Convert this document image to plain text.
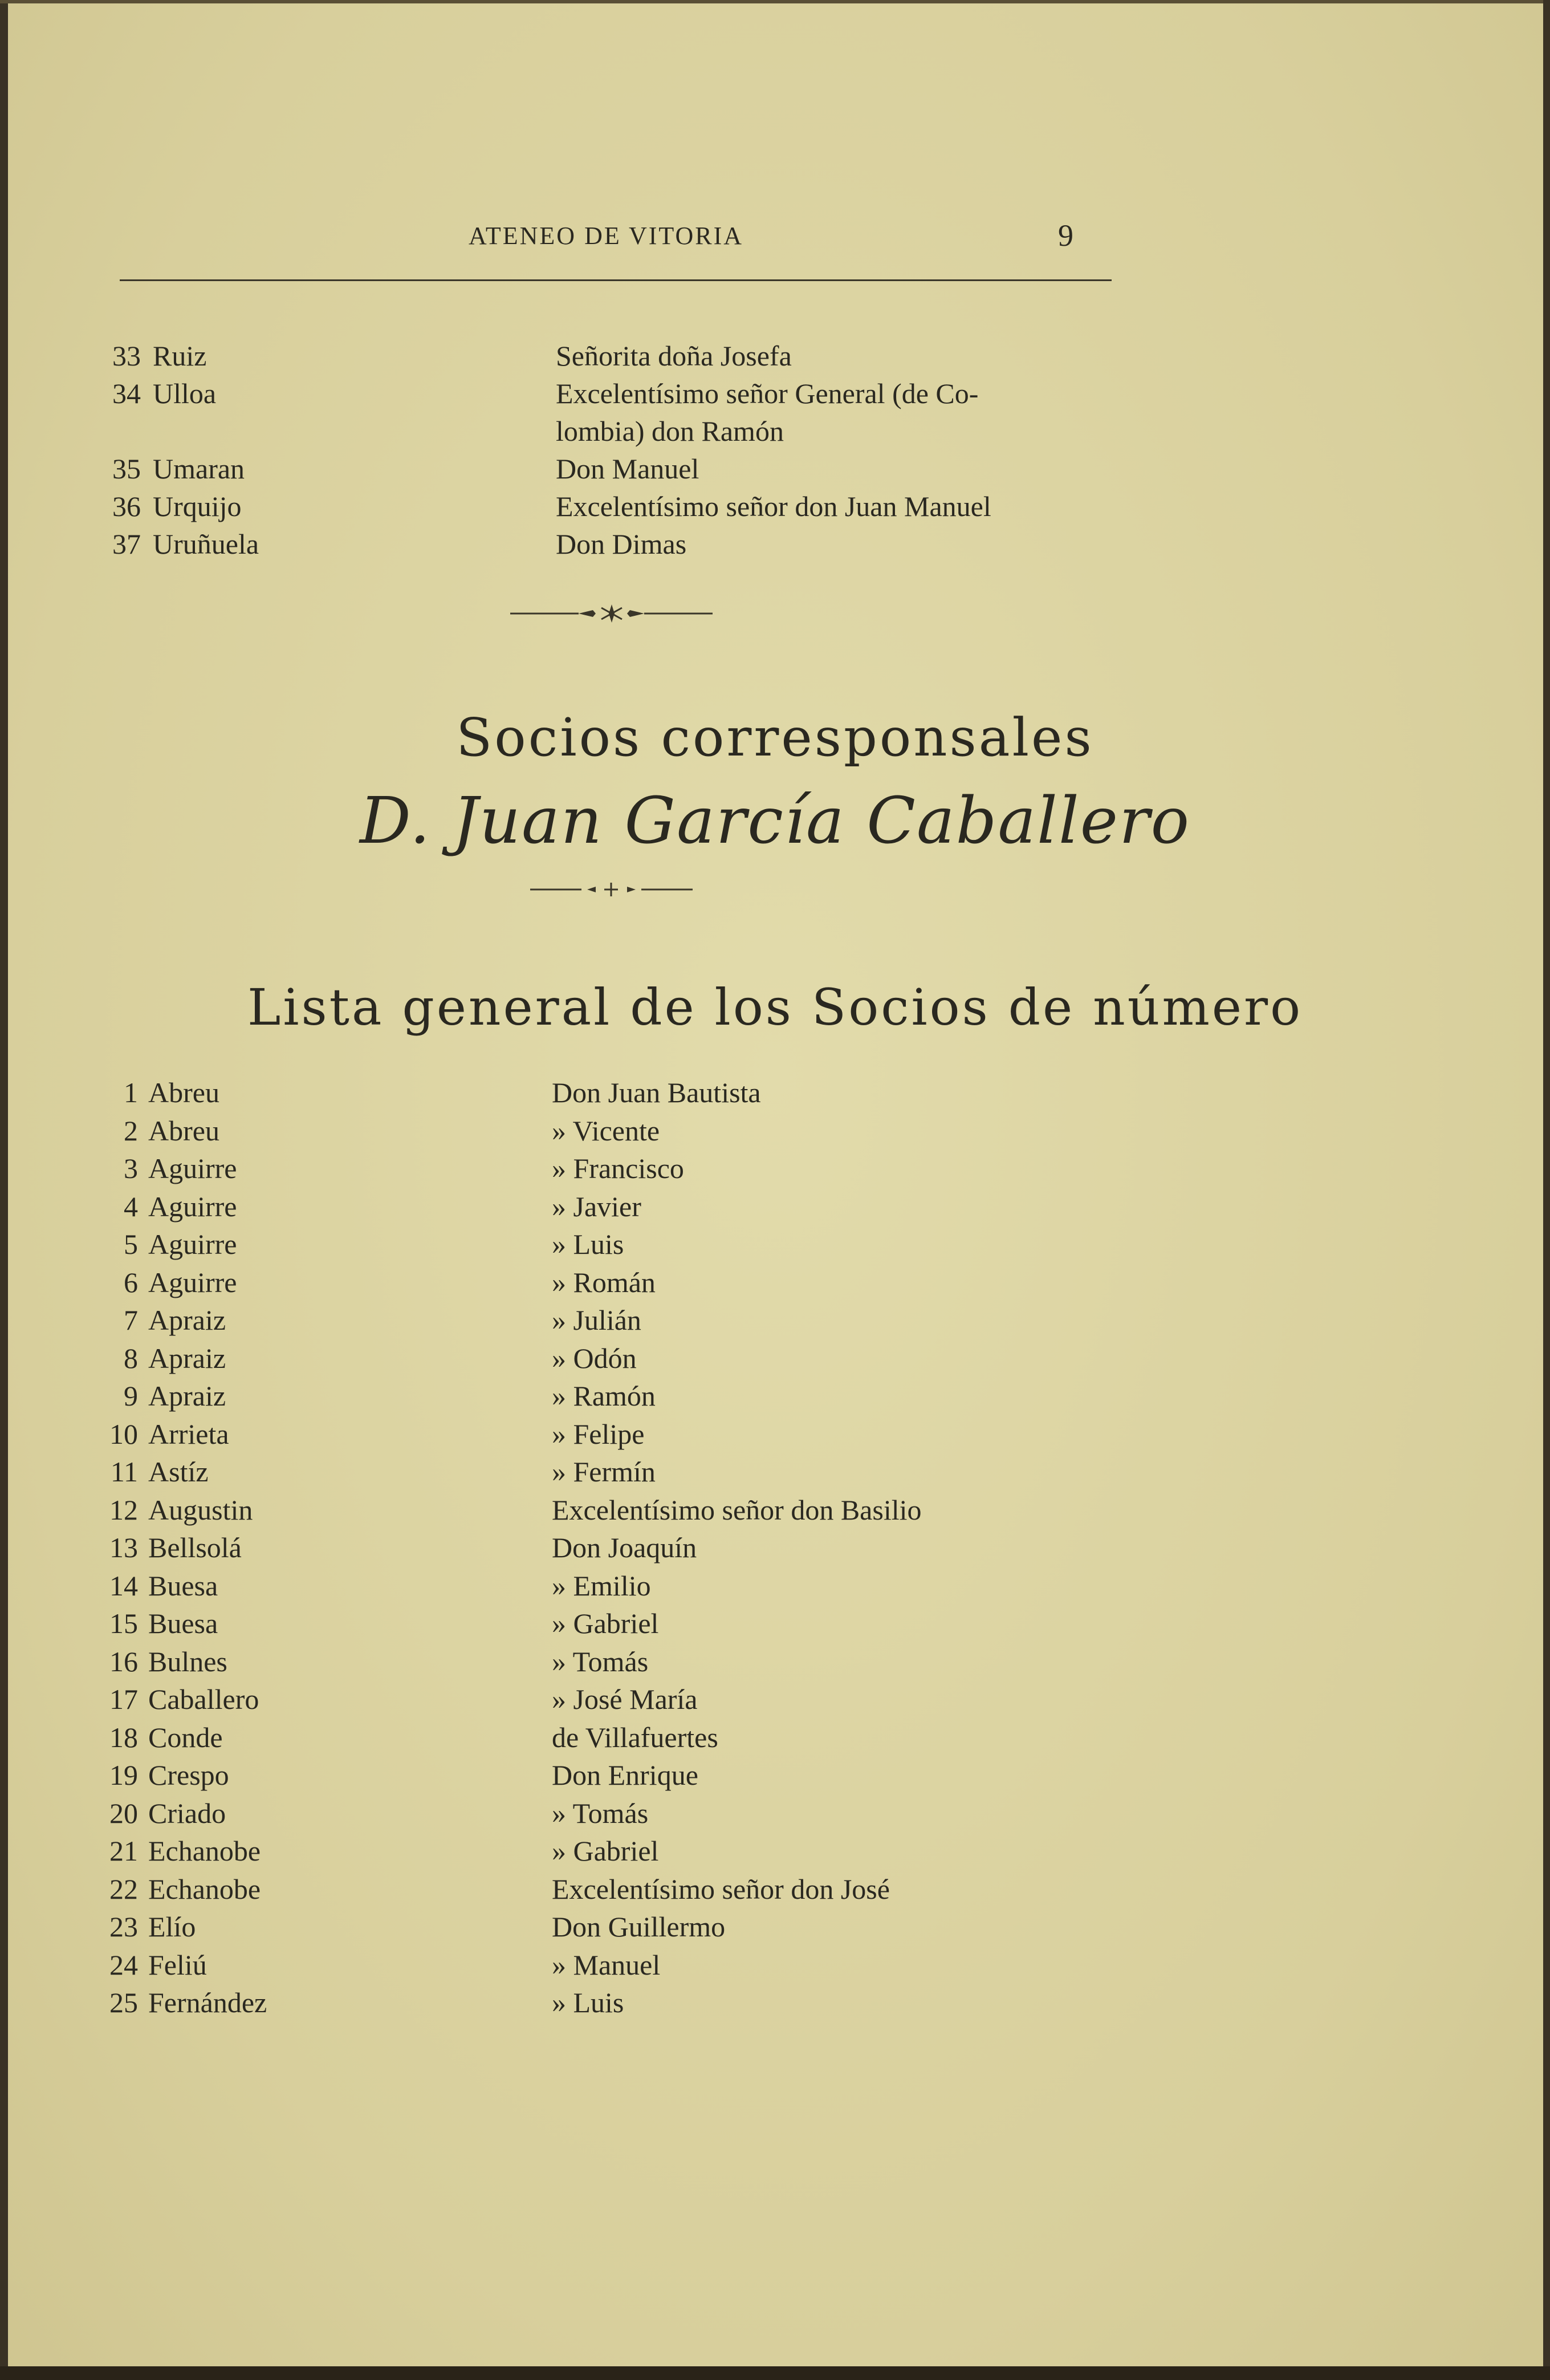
ATENEO DE VITORIA	9
33 Ruiz	Señorita doña Josefa
34 Ulloa	Excelentísimo señor General (de Co-
lombia) don Ramón
35 Umaran	Don Manuel
36 Urquijo	Excelentísimo señor don Juan Manuel
37 Uruñuela	Don Dimas
Socios corresponsales
D. Juan García Caballero
Lista general de los Socios de número
1 Abreu	Don Juan Bautista
2 Abreu	» Vicente
3 Aguirre	» Francisco
4 Aguirre	» Javier
5 Aguirre	» Luis
6 Aguirre	» Román
7 Apraiz	» Julián
8 Apraiz	» Odón
9 Apraiz	» Ramón
10 Arrieta	» Felipe
11 Astíz	» Fermín
12 Augustin	Excelentísimo señor don Basilio
13 Bellsolá	Don Joaquín
14 Buesa	» Emilio
15 Buesa	» Gabriel
16 Bulnes	» Tomás
17 Caballero	» José María
18 Conde	de Villafuertes
19 Crespo	Don Enrique
20 Criado	» Tomás
21 Echanobe	» Gabriel
22 Echanobe	Excelentísimo señor don José
23 Elío	Don Guillermo
24 Feliú	» Manuel
25 Fernández	» Luis
